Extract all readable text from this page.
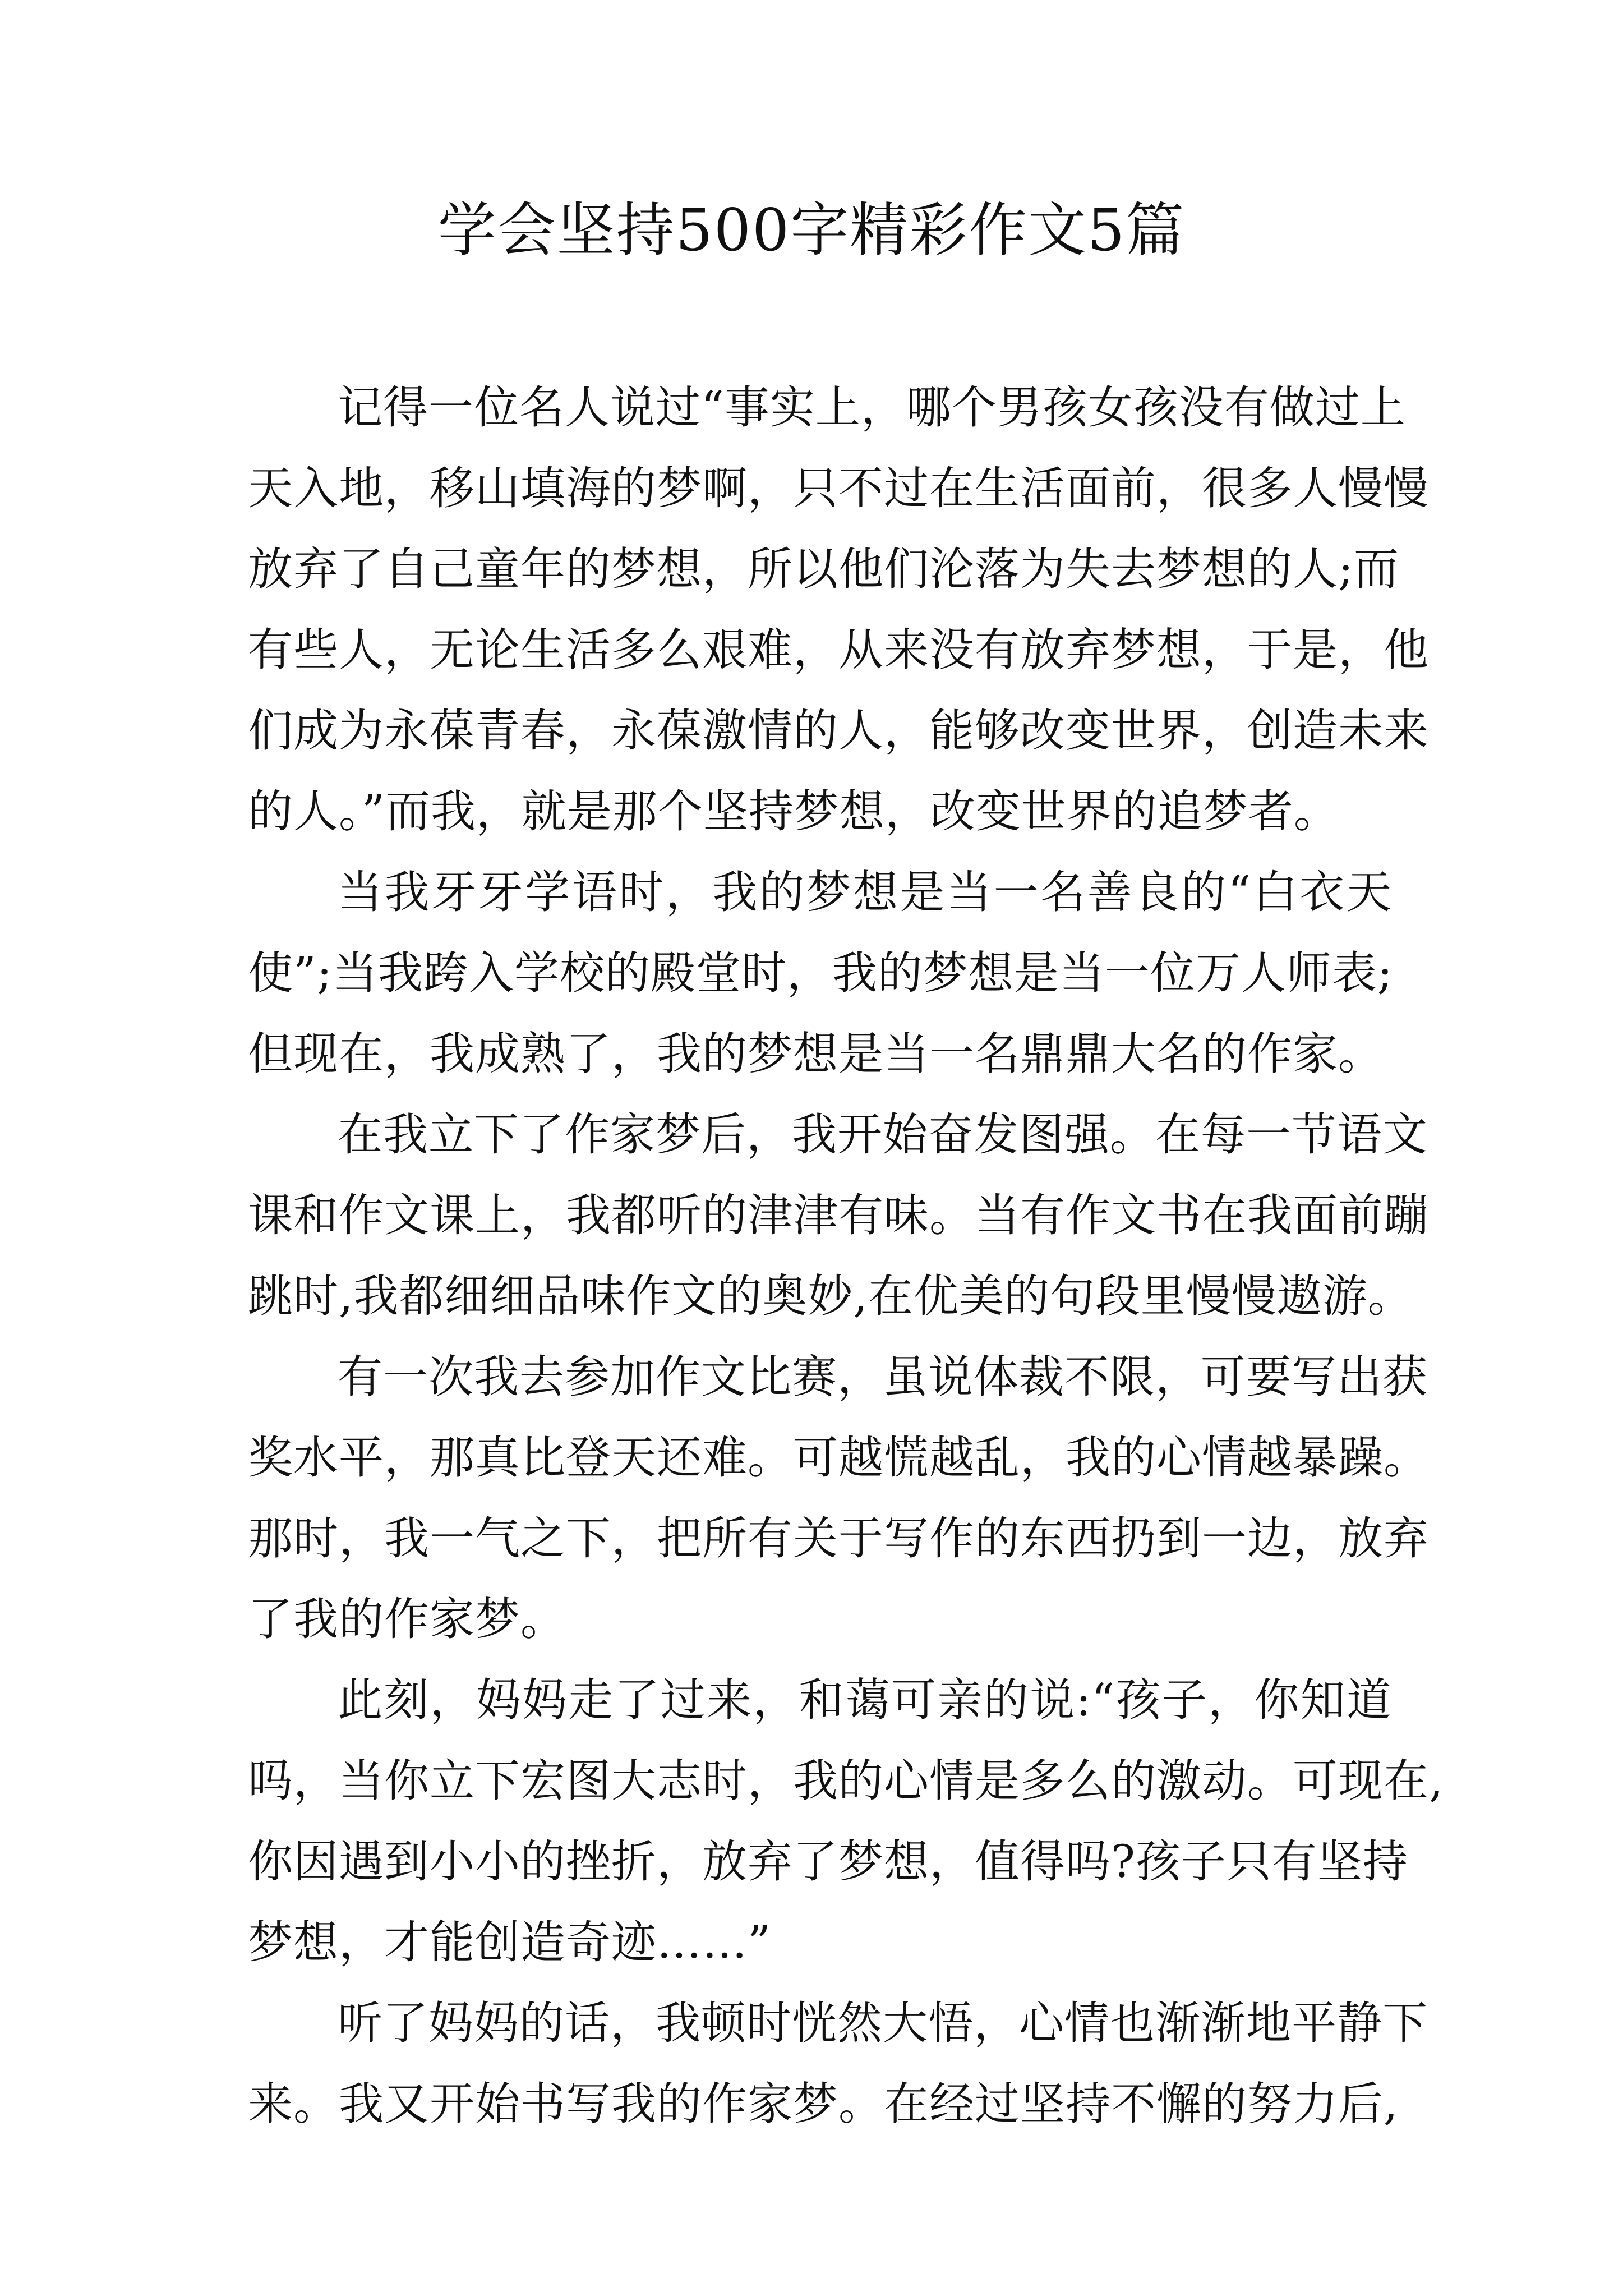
学会坚持500字精彩作文5篇
记得一位名人说过“事实上，哪个男孩女孩没有做过上
天入地，移山填海的梦啊，只不过在生活面前，很多人慢慢
放弃了自己童年的梦想，所以他们沦落为失去梦想的人;而
有些人，无论生活多么艰难，从来没有放弃梦想，于是，他
们成为永葆青春，永葆激情的人，能够改变世界，创造未来
的人。”而我，就是那个坚持梦想，改变世界的追梦者。
当我牙牙学语时，我的梦想是当一名善良的“白衣天
使”;当我跨入学校的殿堂时，我的梦想是当一位万人师表;
但现在，我成熟了，我的梦想是当一名鼎鼎大名的作家。
在我立下了作家梦后，我开始奋发图强。在每一节语文
课和作文课上，我都听的津津有味。当有作文书在我面前蹦
跳时,我都细细品味作文的奥妙,在优美的句段里慢慢遨游。
有一次我去参加作文比赛，虽说体裁不限，可要写出获
奖水平，那真比登天还难。可越慌越乱，我的心情越暴躁。
那时，我一气之下，把所有关于写作的东西扔到一边，放弃
了我的作家梦。
此刻，妈妈走了过来，和蔼可亲的说:“孩子，你知道
吗，当你立下宏图大志时，我的心情是多么的激动。可现在,
你因遇到小小的挫折，放弃了梦想，值得吗?孩子只有坚持
梦想，才能创造奇迹……”
听了妈妈的话，我顿时恍然大悟，心情也渐渐地平静下
来。我又开始书写我的作家梦。在经过坚持不懈的努力后,
